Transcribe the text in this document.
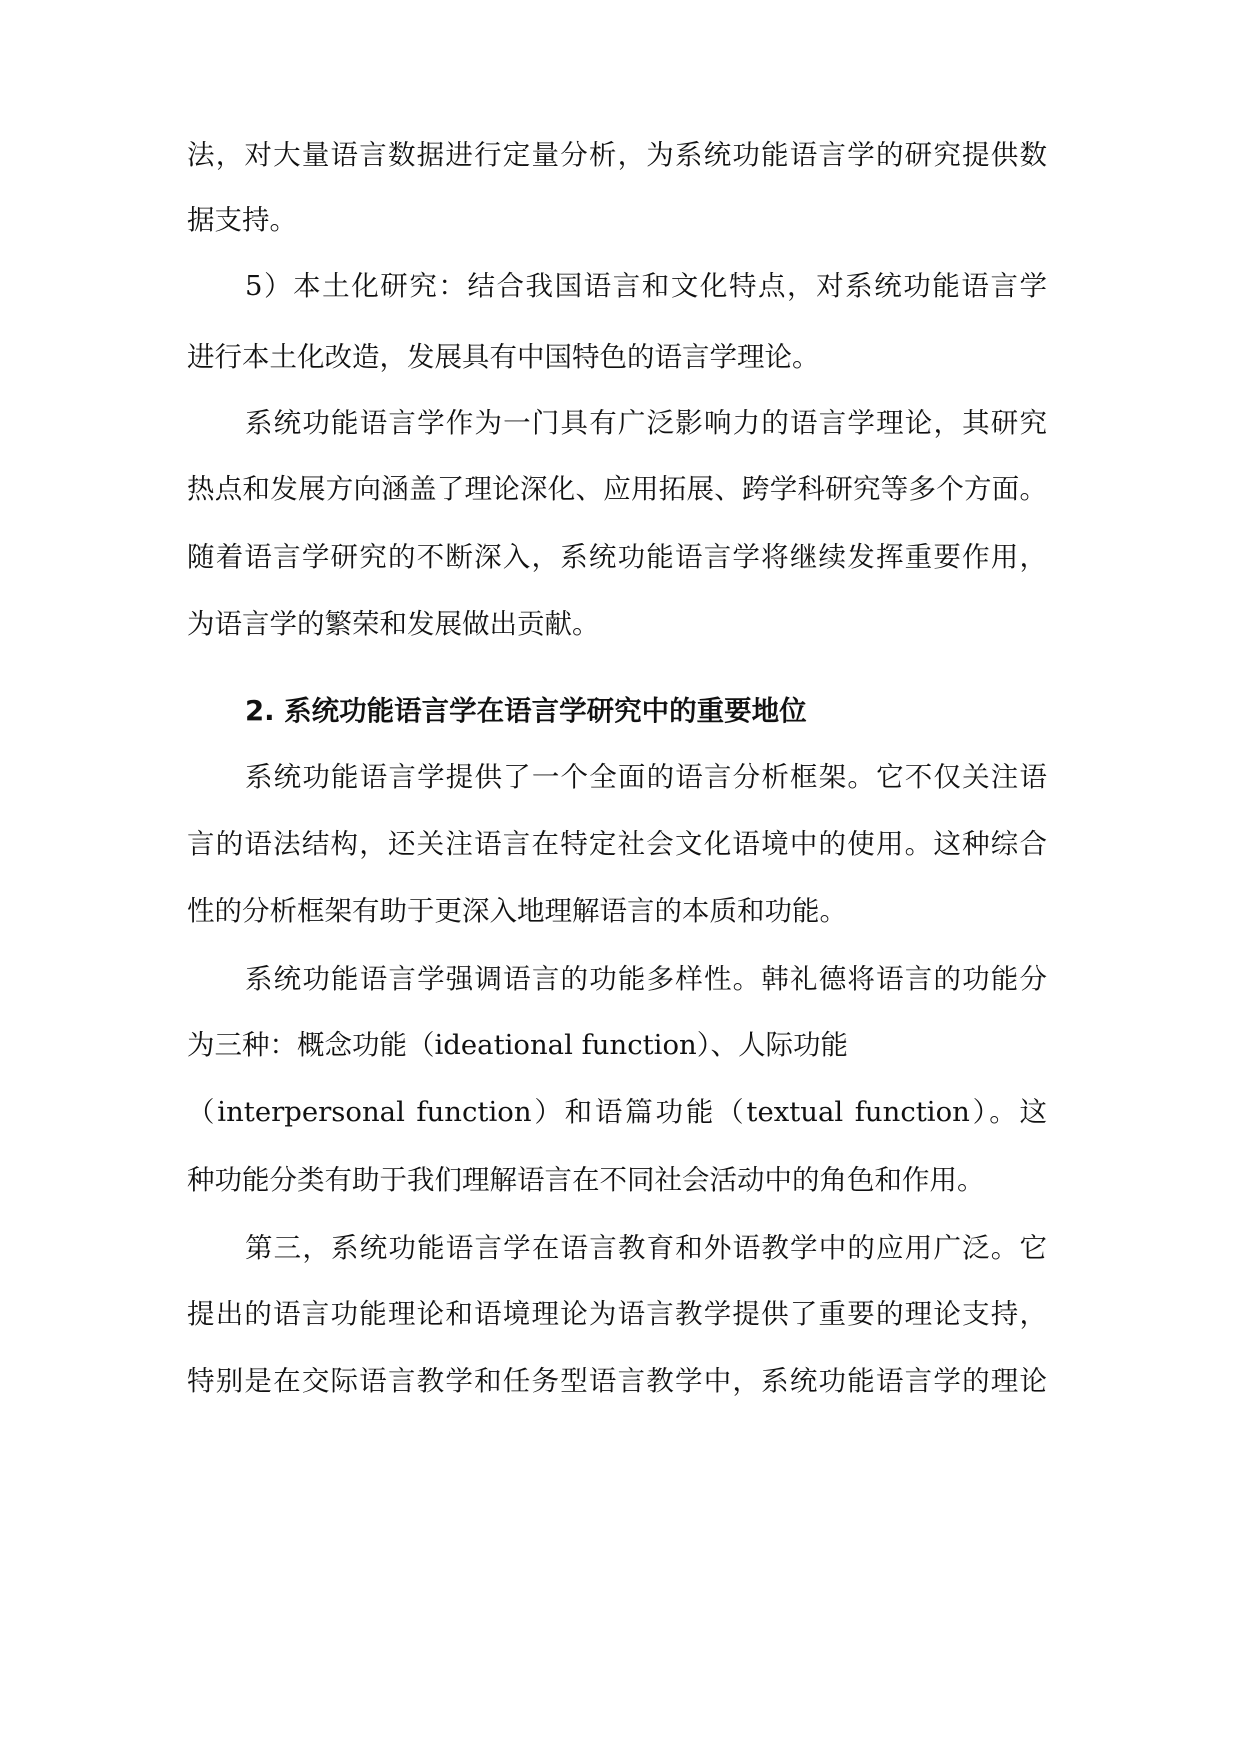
法，对大量语言数据进行定量分析，为系统功能语言学的研究提供数
据支持。
5）本土化研究：结合我国语言和文化特点，对系统功能语言学
进行本土化改造，发展具有中国特色的语言学理论。
系统功能语言学作为一门具有广泛影响力的语言学理论，其研究
热点和发展方向涵盖了理论深化、应用拓展、跨学科研究等多个方面。
随着语言学研究的不断深入，系统功能语言学将继续发挥重要作用，
为语言学的繁荣和发展做出贡献。
2. 系统功能语言学在语言学研究中的重要地位
系统功能语言学提供了一个全面的语言分析框架。它不仅关注语
言的语法结构，还关注语言在特定社会文化语境中的使用。这种综合
性的分析框架有助于更深入地理解语言的本质和功能。
系统功能语言学强调语言的功能多样性。韩礼德将语言的功能分
为三种：概念功能（ideational function）、人际功能
（interpersonal function）和语篇功能（textual function）。这
种功能分类有助于我们理解语言在不同社会活动中的角色和作用。
第三，系统功能语言学在语言教育和外语教学中的应用广泛。它
提出的语言功能理论和语境理论为语言教学提供了重要的理论支持，
特别是在交际语言教学和任务型语言教学中，系统功能语言学的理论
